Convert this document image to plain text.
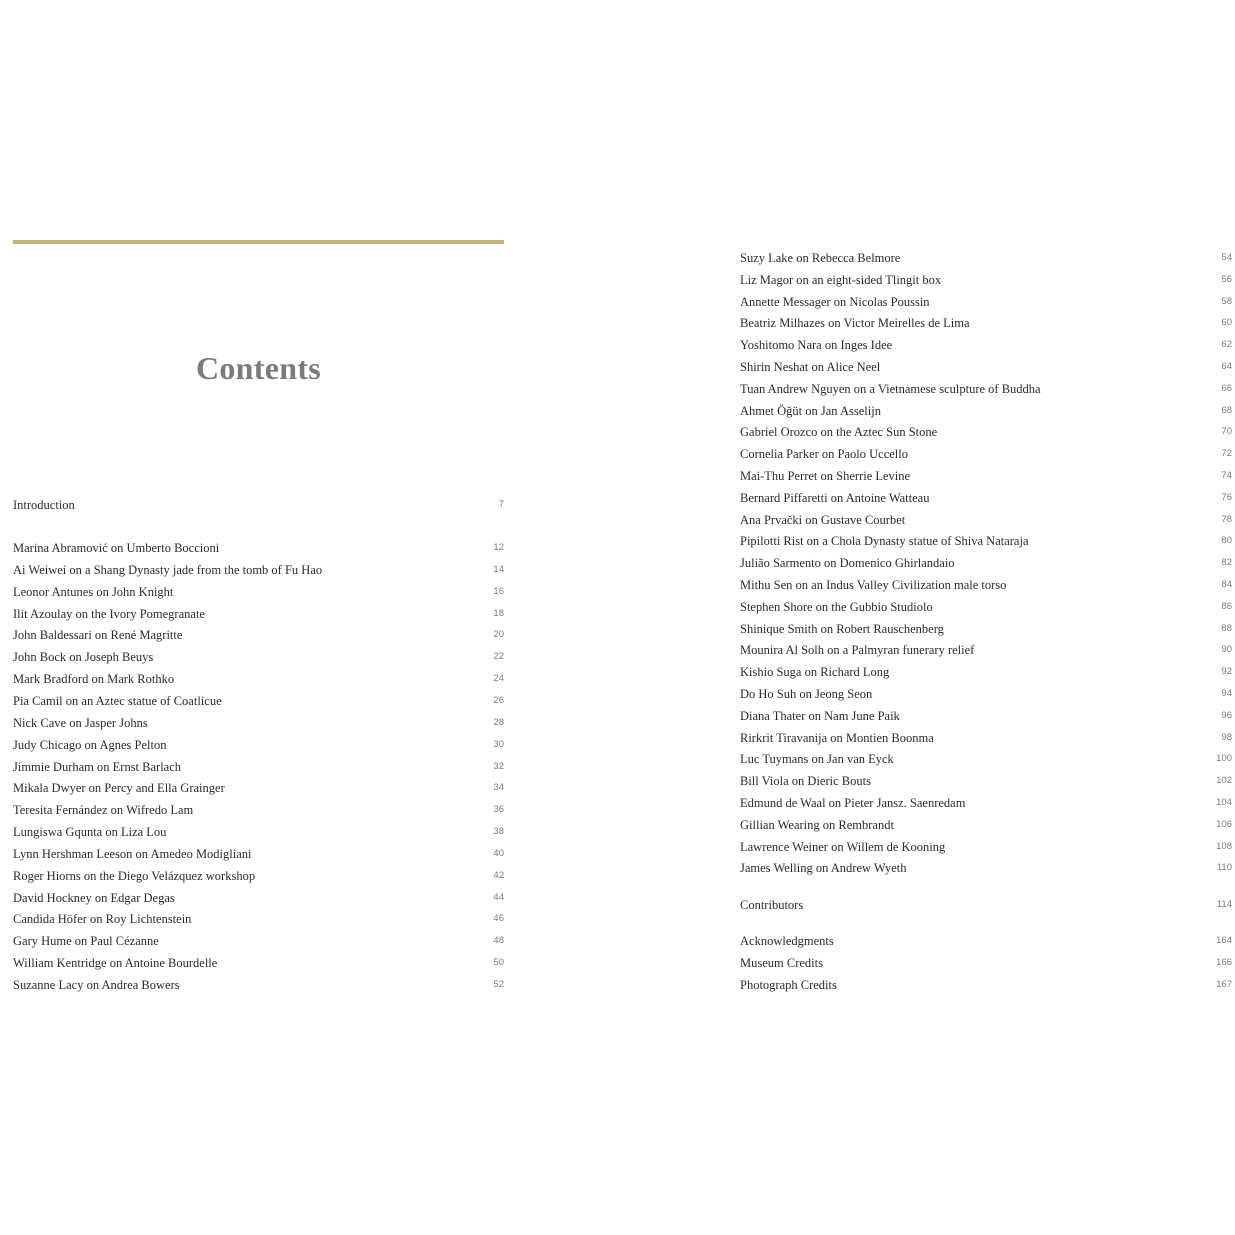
Contents
Introduction	7
Marina Abramović on Umberto Boccioni	12
Ai Weiwei on a Shang Dynasty jade from the tomb of Fu Hao	14
Leonor Antunes on John Knight	16
Ilit Azoulay on the Ivory Pomegranate	18
John Baldessari on René Magritte	20
John Bock on Joseph Beuys	22
Mark Bradford on Mark Rothko	24
Pia Camil on an Aztec statue of Coatlicue	26
Nick Cave on Jasper Johns	28
Judy Chicago on Agnes Pelton	30
Jimmie Durham on Ernst Barlach	32
Mikala Dwyer on Percy and Ella Grainger	34
Teresita Fernández on Wifredo Lam	36
Lungiswa Gqunta on Liza Lou	38
Lynn Hershman Leeson on Amedeo Modigliani	40
Roger Hiorns on the Diego Velázquez workshop	42
David Hockney on Edgar Degas	44
Candida Höfer on Roy Lichtenstein	46
Gary Hume on Paul Cézanne	48
William Kentridge on Antoine Bourdelle	50
Suzanne Lacy on Andrea Bowers	52
Suzy Lake on Rebecca Belmore	54
Liz Magor on an eight-sided Tlingit box	56
Annette Messager on Nicolas Poussin	58
Beatriz Milhazes on Victor Meirelles de Lima	60
Yoshitomo Nara on Inges Idee	62
Shirin Neshat on Alice Neel	64
Tuan Andrew Nguyen on a Vietnamese sculpture of Buddha	66
Ahmet Öğüt on Jan Asselijn	68
Gabriel Orozco on the Aztec Sun Stone	70
Cornelia Parker on Paolo Uccello	72
Mai-Thu Perret on Sherrie Levine	74
Bernard Piffaretti on Antoine Watteau	76
Ana Prvački on Gustave Courbet	78
Pipilotti Rist on a Chola Dynasty statue of Shiva Nataraja	80
Julião Sarmento on Domenico Ghirlandaio	82
Mithu Sen on an Indus Valley Civilization male torso	84
Stephen Shore on the Gubbio Studiolo	86
Shinique Smith on Robert Rauschenberg	88
Mounira Al Solh on a Palmyran funerary relief	90
Kishio Suga on Richard Long	92
Do Ho Suh on Jeong Seon	94
Diana Thater on Nam June Paik	96
Rirkrit Tiravanija on Montien Boonma	98
Luc Tuymans on Jan van Eyck	100
Bill Viola on Dieric Bouts	102
Edmund de Waal on Pieter Jansz. Saenredam	104
Gillian Wearing on Rembrandt	106
Lawrence Weiner on Willem de Kooning	108
James Welling on Andrew Wyeth	110
Contributors	114
Acknowledgments	164
Museum Credits	166
Photograph Credits	167
